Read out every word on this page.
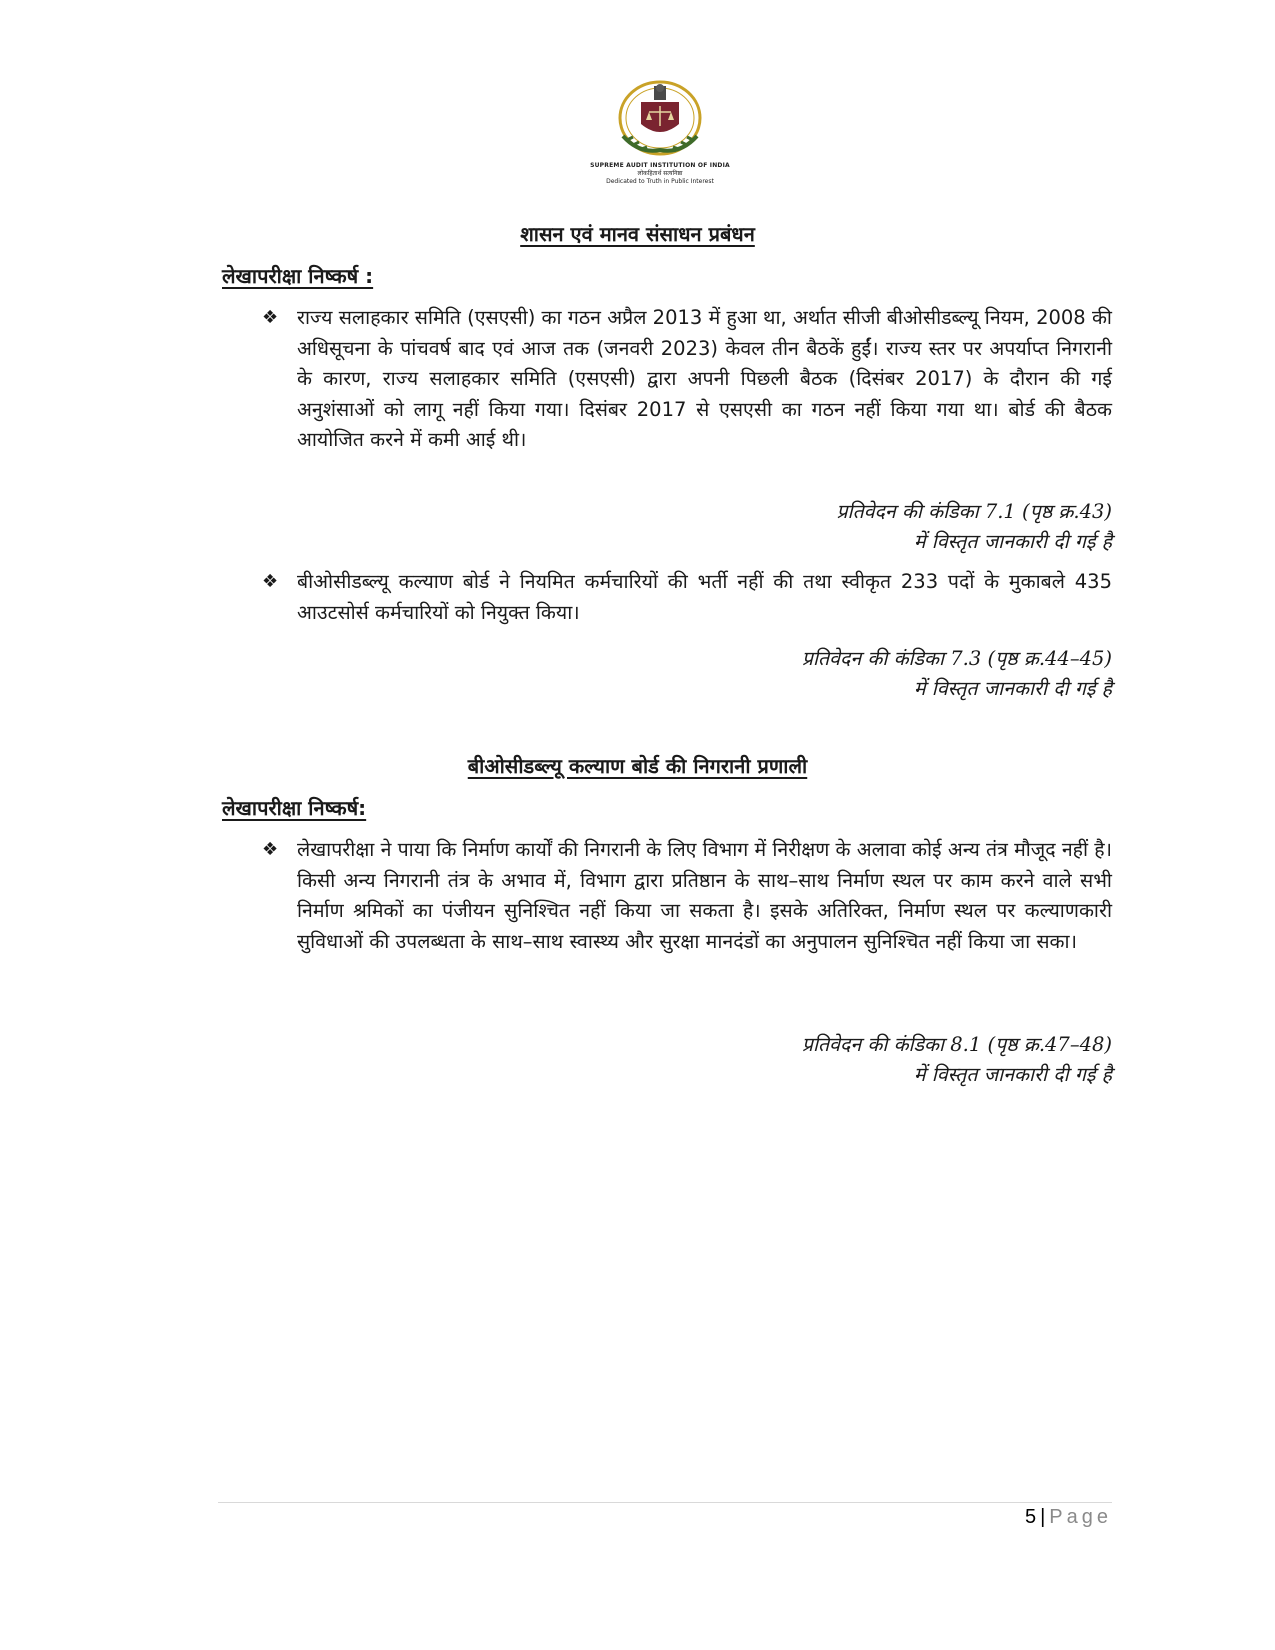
SUPREME AUDIT INSTITUTION OF INDIA
लोकहितार्थ सत्यनिष्ठा
Dedicated to Truth in Public Interest
शासन एवं मानव संसाधन प्रबंधन
लेखापरीक्षा निष्कर्ष :
❖ राज्य सलाहकार समिति (एसएसी) का गठन अप्रैल 2013 में हुआ था, अर्थात सीजी बीओसीडब्ल्यू नियम, 2008 की अधिसूचना के पांचवर्ष बाद एवं आज तक (जनवरी 2023) केवल तीन बैठकें हुईं। राज्य स्तर पर अपर्याप्त निगरानी के कारण, राज्य सलाहकार समिति (एसएसी) द्वारा अपनी पिछली बैठक (दिसंबर 2017) के दौरान की गई अनुशंसाओं को लागू नहीं किया गया। दिसंबर 2017 से एसएसी का गठन नहीं किया गया था। बोर्ड की बैठक आयोजित करने में कमी आई थी।
प्रतिवेदन की कंडिका 7.1 (पृष्ठ क्र.43)
में विस्तृत जानकारी दी गई है
❖ बीओसीडब्ल्यू कल्याण बोर्ड ने नियमित कर्मचारियों की भर्ती नहीं की तथा स्वीकृत 233 पदों के मुकाबले 435 आउटसोर्स कर्मचारियों को नियुक्त किया।
प्रतिवेदन की कंडिका 7.3 (पृष्ठ क्र.44–45)
में विस्तृत जानकारी दी गई है
बीओसीडब्ल्यू कल्याण बोर्ड की निगरानी प्रणाली
लेखापरीक्षा निष्कर्ष:
❖ लेखापरीक्षा ने पाया कि निर्माण कार्यों की निगरानी के लिए विभाग में निरीक्षण के अलावा कोई अन्य तंत्र मौजूद नहीं है। किसी अन्य निगरानी तंत्र के अभाव में, विभाग द्वारा प्रतिष्ठान के साथ–साथ निर्माण स्थल पर काम करने वाले सभी निर्माण श्रमिकों का पंजीयन सुनिश्चित नहीं किया जा सकता है। इसके अतिरिक्त, निर्माण स्थल पर कल्याणकारी सुविधाओं की उपलब्धता के साथ–साथ स्वास्थ्य और सुरक्षा मानदंडों का अनुपालन सुनिश्चित नहीं किया जा सका।
प्रतिवेदन की कंडिका 8.1 (पृष्ठ क्र.47–48)
में विस्तृत जानकारी दी गई है
5 | Page
